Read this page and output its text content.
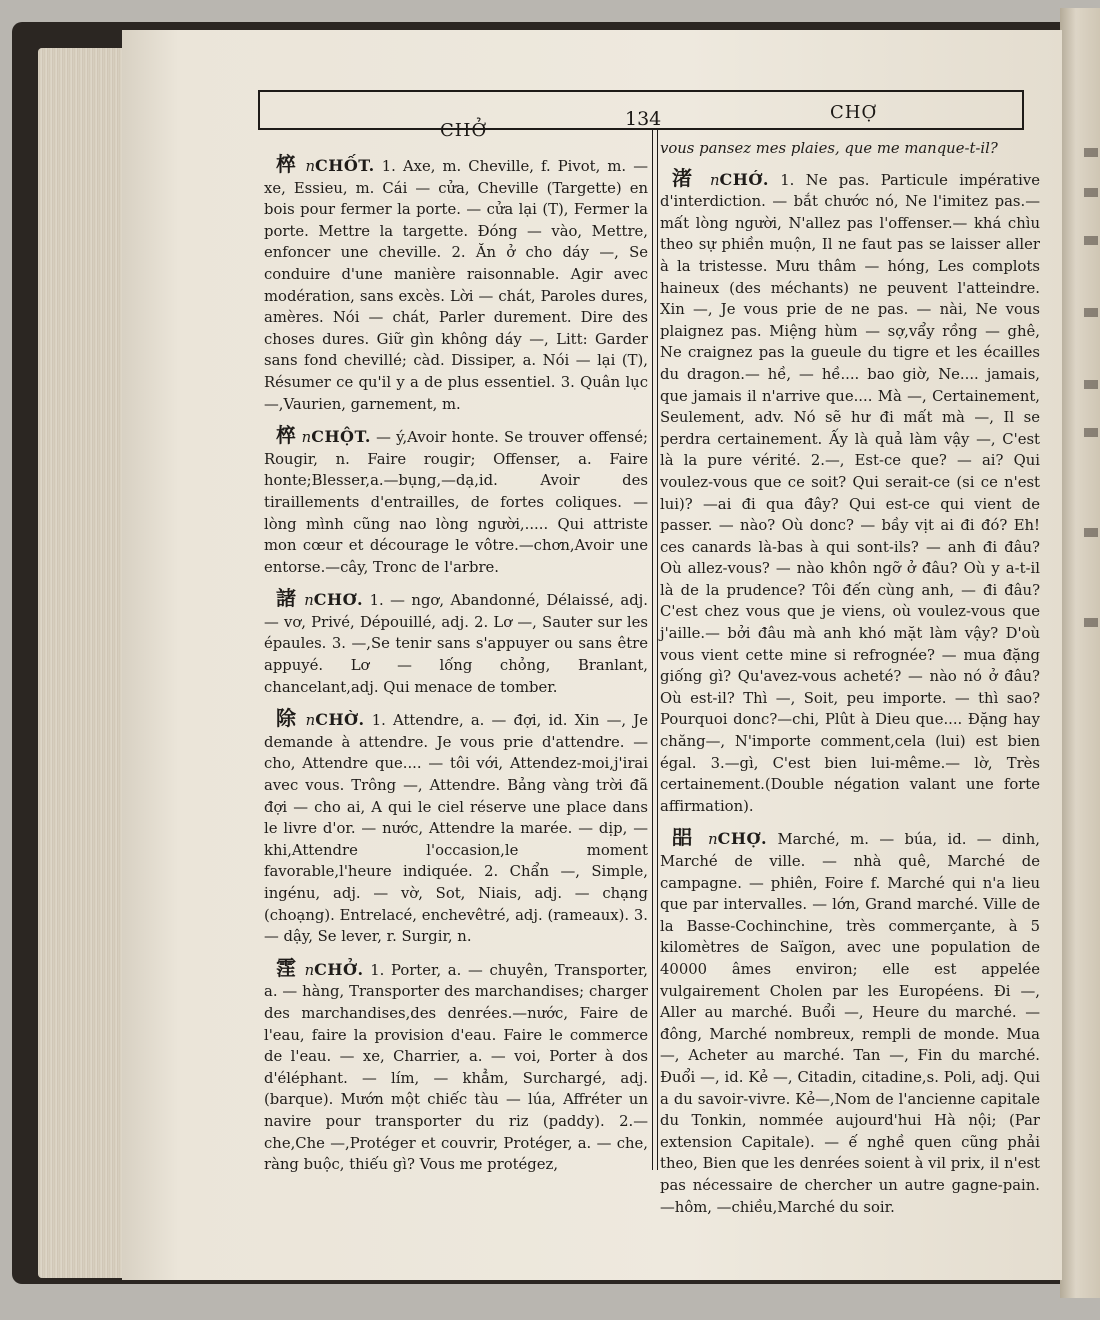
CHỞ
134	CHỢ

椊 nCHỐT. 1. Axe, m. Cheville, f. Pivot, m. — xe, Essieu, m. Cái — cửa, Cheville (Targette) en bois pour fermer la porte. — cửa lại (T), Fermer la porte. Mettre la targette. Đóng — vào, Mettre, enfoncer une cheville. 2. Ăn ở cho dáy —, Se conduire d'une manière raisonnable. Agir avec modération, sans excès. Lời — chát, Paroles dures, amères. Nói — chát, Parler durement. Dire des choses dures. Giữ gìn không dáy —, Litt: Garder sans fond chevillé; càd. Dissiper, a. Nói — lại (T), Résumer ce qu'il y a de plus essentiel. 3. Quân lục—,Vaurien, garnement, m.

椊 nCHỘT. — ý,Avoir honte. Se trouver offensé; Rougir, n. Faire rougir; Offenser, a. Faire honte;Blesser,a.—bụng,—dạ,id. Avoir des tiraillements d'entrailles, de fortes coliques. — lòng mình cũng nao lòng người,..... Qui attriste mon cœur et décourage le vôtre.—chơn,Avoir une entorse.—cây, Tronc de l'arbre.

諸 nCHƠ. 1. — ngơ, Abandonné, Délaissé, adj. — vơ, Privé, Dépouillé, adj. 2. Lơ —, Sauter sur les épaules. 3. —,Se tenir sans s'appuyer ou sans être appuyé. Lơ — lống chỏng, Branlant, chancelant,adj. Qui menace de tomber.

除 nCHỜ. 1. Attendre, a. — đợi, id. Xin —, Je demande à attendre. Je vous prie d'attendre. — cho, Attendre que.... — tôi với, Attendez-moi,j'irai avec vous. Trông —, Attendre. Bảng vàng trời đã đợi — cho ai, A qui le ciel réserve une place dans le livre d'or. — nước, Attendre la marée. — dịp, — khi,Attendre l'occasion,le moment favorable,l'heure indiquée. 2. Chẩn —, Simple, ingénu, adj. — vờ, Sot, Niais, adj. — chạng (choạng). Entrelacé, enchevêtré, adj. (rameaux). 3. — dậy, Se lever, r. Surgir, n.

霔 nCHỞ. 1. Porter, a. — chuyên, Transporter, a. — hàng, Transporter des marchandises; charger des marchandises,des denrées.—nước, Faire de l'eau, faire la provision d'eau. Faire le commerce de l'eau. — xe, Charrier, a. — voi, Porter à dos d'éléphant. — lím, — khẳm, Surchargé, adj. (barque). Mướn một chiếc tàu — lúa, Affréter un navire pour transporter du riz (paddy). 2.— che,Che —,Protéger et couvrir, Protéger, a. — che, ràng buộc, thiếu gì? Vous me protégez,

vous pansez mes plaies, que me manque-t-il?

渚 nCHỚ. 1. Ne pas. Particule impérative d'interdiction. — bắt chước nó, Ne l'imitez pas.— mất lòng người, N'allez pas l'offenser.— khá chìu theo sự phiền muộn, Il ne faut pas se laisser aller à la tristesse. Mưu thâm — hóng, Les complots haineux (des méchants) ne peuvent l'atteindre. Xin —, Je vous prie de ne pas. — nài, Ne vous plaignez pas. Miệng hùm — sợ,vẩy rồng — ghê, Ne craignez pas la gueule du tigre et les écailles du dragon.— hề, — hề.... bao giờ, Ne.... jamais, que jamais il n'arrive que.... Mà —, Certainement, Seulement, adv. Nó sẽ hư đi mất mà —, Il se perdra certainement. Ấy là quả làm vậy —, C'est là la pure vérité. 2.—, Est-ce que? — ai? Qui voulez-vous que ce soit? Qui serait-ce (si ce n'est lui)? —ai đi qua đây? Qui est-ce qui vient de passer. — nào? Où donc? — bầy vịt ai đi đó? Eh! ces canards là-bas à qui sont-ils? — anh đi đâu? Où allez-vous? — nào khôn ngỡ ở đâu? Où y a-t-il là de la prudence? Tôi đến cùng anh, — đi đâu? C'est chez vous que je viens, où voulez-vous que j'aille.— bởi đâu mà anh khó mặt làm vậy? D'où vous vient cette mine si refrognée? — mua đặng giống gì? Qu'avez-vous acheté? — nào nó ở đâu? Où est-il? Thì —, Soit, peu importe. — thì sao? Pourquoi donc?—chi, Plût à Dieu que.... Đặng hay chăng—, N'importe comment,cela (lui) est bien égal. 3.—gì, C'est bien lui-même.— lờ, Très certainement.(Double négation valant une forte affirmation).

㗊 nCHỢ. Marché, m. — búa, id. — dinh, Marché de ville. — nhà quê, Marché de campagne. — phiên, Foire f. Marché qui n'a lieu que par intervalles. — lớn, Grand marché. Ville de la Basse-Cochinchine, très commerçante, à 5 kilomètres de Saïgon, avec une population de 40000 âmes environ; elle est appelée vulgairement Cholen par les Européens. Đi —, Aller au marché. Buổi —, Heure du marché. — đông, Marché nombreux, rempli de monde. Mua —, Acheter au marché. Tan —, Fin du marché. Đuổi —, id. Kẻ —, Citadin, citadine,s. Poli, adj. Qui a du savoir-vivre. Kẻ—,Nom de l'ancienne capitale du Tonkin, nommée aujourd'hui Hà nội; (Par extension Capitale). — ế nghề quen cũng phải theo, Bien que les denrées soient à vil prix, il n'est pas nécessaire de chercher un autre gagne-pain. —hôm, —chiều,Marché du soir.
